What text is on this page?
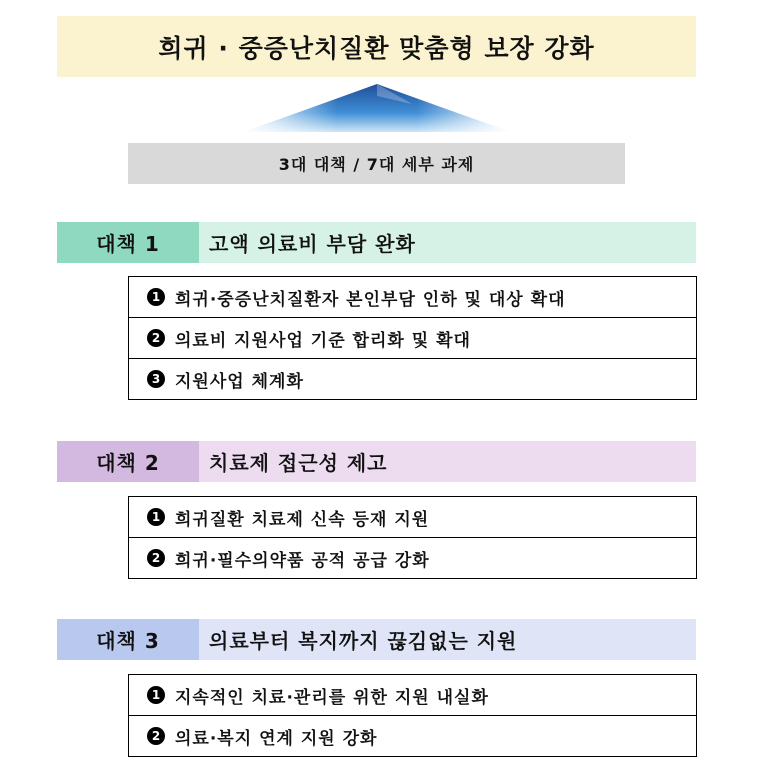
희귀 · 중증난치질환 맞춤형 보장 강화
3대 대책 / 7대 세부 과제
대책 1	고액 의료비 부담 완화
1 희귀·중증난치질환자 본인부담 인하 및 대상 확대
2 의료비 지원사업 기준 합리화 및 확대
3 지원사업 체계화
대책 2	치료제 접근성 제고
1 희귀질환 치료제 신속 등재 지원
2 희귀·필수의약품 공적 공급 강화
대책 3	의료부터 복지까지 끊김없는 지원
1 지속적인 치료·관리를 위한 지원 내실화
2 의료·복지 연계 지원 강화
